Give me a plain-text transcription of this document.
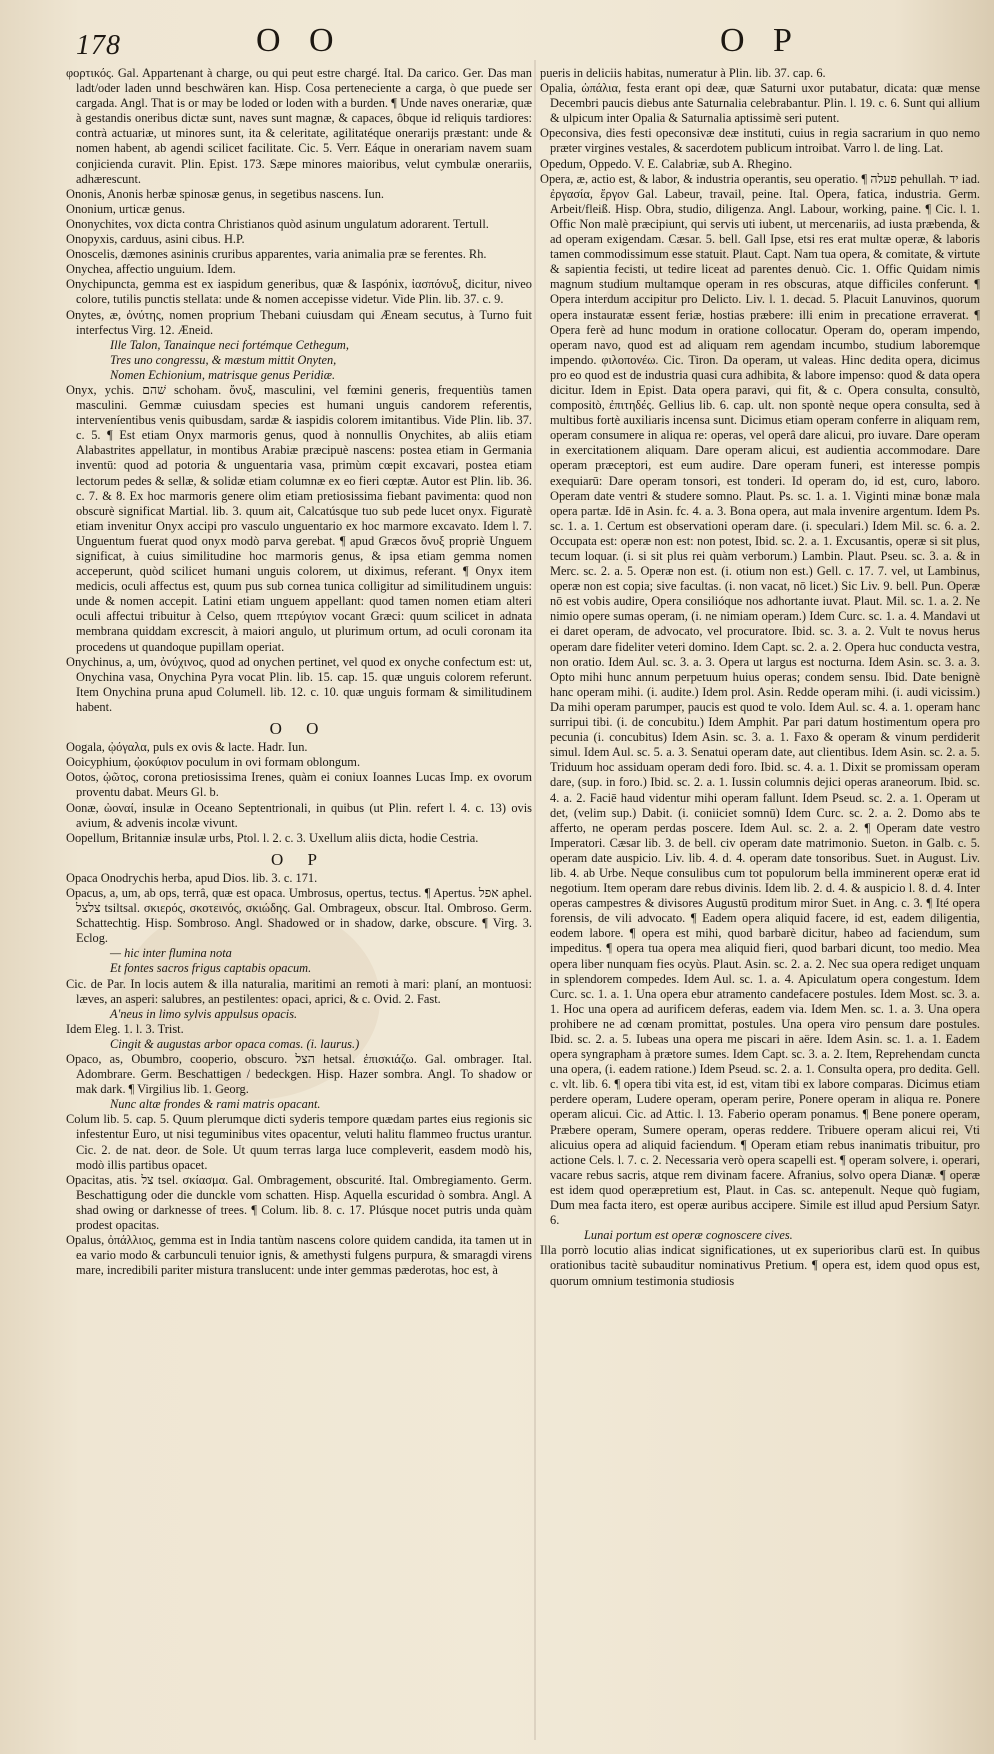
178	O O	O P

φορτικός. Gal. Appartenant à charge, ou qui peut estre chargé. Ital. Da carico. Ger. Das man ladt/oder laden unnd beschwären kan. Hisp. Cosa perteneciente a carga, ò que puede ser cargada. Angl. That is or may be loded or loden with a burden. ¶ Unde naves onerariæ, quæ à gestandis oneribus dictæ sunt, naves sunt magnæ, & capaces, ôbque id reliquis tardiores: contrà actuariæ, ut minores sunt, ita & celeritate, agilitatéque onerarijs præstant: unde & nomen habent, ab agendi scilicet facilitate. Cic. 5. Verr. Eáque in onerariam navem suam conjicienda curavit. Plin. Epist. 173. Sæpe minores maioribus, velut cymbulæ onerariis, adhærescunt.

Ononis, Anonis herbæ spinosæ genus, in segetibus nascens. Iun.

Ononium, urticæ genus.

Ononychites, vox dicta contra Christianos quòd asinum ungulatum adorarent. Tertull.

Onopyxis, carduus, asini cibus. H.P.

Onoscelis, dæmones asininis cruribus apparentes, varia animalia præ se ferentes. Rh.

Onychea, affectio unguium. Idem.

Onychipuncta, gemma est ex iaspidum generibus, quæ & Iaspónix, ἰασπόνυξ, dicitur, niveo colore, tutilis punctis stellata: unde & nomen accepisse videtur. Vide Plin. lib. 37. c. 9.

Onytes, æ, ὀνύτης, nomen proprium Thebani cuiusdam qui Æneam secutus, à Turno fuit interfectus Virg. 12. Æneid.

Ille Talon, Tanainque neci fortémque Cethegum,

Tres uno congressu, & mæstum mittit Onyten,

Nomen Echionium, matrisque genus Peridiæ.

Onyx, ychis. שׁהם schoham. ὄνυξ, masculini, vel fœmini generis, frequentiùs tamen masculini. Gemmæ cuiusdam species est humani unguis candorem referentis, interveníentibus venis quibusdam, sardæ & iaspidis colorem imitantibus. Vide Plin. lib. 37. c. 5. ¶ Est etiam Onyx marmoris genus, quod à nonnullis Onychites, ab aliis etiam Alabastrites appellatur, in montibus Arabiæ præcipuè nascens: postea etiam in Germania inventū: quod ad potoria & unguentaria vasa, primùm cœpit excavari, postea etiam lectorum pedes & sellæ, & solidæ etiam columnæ ex eo fieri cœptæ. Autor est Plin. lib. 36. c. 7. & 8. Ex hoc marmoris genere olim etiam pretiosissima fiebant pavimenta: quod non obscurè significat Martial. lib. 3. quum ait, Calcatúsque tuo sub pede lucet onyx. Figuratè etiam invenitur Onyx accipi pro vasculo unguentario ex hoc marmore excavato. Idem l. 7. Unguentum fuerat quod onyx modò parva gerebat. ¶ apud Græcos ὄνυξ propriè Unguem significat, à cuius similitudine hoc marmoris genus, & ipsa etiam gemma nomen acceperunt, quòd scilicet humani unguis colorem, ut diximus, referant. ¶ Onyx item medicis, oculi affectus est, quum pus sub cornea tunica colligitur ad similitudinem unguis: unde & nomen accepit. Latini etiam unguem appellant: quod tamen nomen etiam alteri oculi affectui tribuitur à Celso, quem πτερύγιον vocant Græci: quum scilicet in adnata membrana quiddam excrescit, à maiori angulo, ut plurimum ortum, ad oculi coronam ita procedens ut quandoque pupillam operiat.

Onychinus, a, um, ὀνύχινος, quod ad onychen pertinet, vel quod ex onyche confectum est: ut, Onychina vasa, Onychina Pyra vocat Plin. lib. 15. cap. 15. quæ unguis colorem referunt. Item Onychina pruna apud Columell. lib. 12. c. 10. quæ unguis formam & similitudinem habent.

O O

Oogala, ᾠόγαλα, puls ex ovis & lacte. Hadr. Iun.

Ooicyphium, ᾠοκύφιον poculum in ovi formam oblongum.

Ootos, ᾠῶτος, corona pretiosissima Irenes, quàm ei coniux Ioannes Lucas Imp. ex ovorum proventu dabat. Meurs Gl. b.

Oonæ, ὠοναί, insulæ in Oceano Septentrionali, in quibus (ut Plin. refert l. 4. c. 13) ovis avium, & advenis incolæ vivunt.

Oopellum, Britanniæ insulæ urbs, Ptol. l. 2. c. 3. Uxellum aliis dicta, hodie Cestria.

O P

Opaca Onodrychis herba, apud Dios. lib. 3. c. 171.

Opacus, a, um, ab ops, terrâ, quæ est opaca. Umbrosus, opertus, tectus. ¶ Apertus. אפל aphel. צלצל tsiltsal. σκιερός, σκοτεινός, σκιώδης. Gal. Ombrageux, obscur. Ital. Ombroso. Germ. Schattechtig. Hisp. Sombroso. Angl. Shadowed or in shadow, darke, obscure. ¶ Virg. 3. Eclog.

— hic inter flumina nota

Et fontes sacros frigus captabis opacum.

Cic. de Par. In locis autem & illa naturalia, maritimi an remoti à mari: planí, an montuosi: læves, an asperi: salubres, an pestilentes: opaci, aprici, & c. Ovid. 2. Fast.

A'neus in limo sylvis appulsus opacis.

Idem Eleg. 1. l. 3. Trist.

Cingit & augustas arbor opaca comas. (i. laurus.)

Opaco, as, Obumbro, cooperio, obscuro. הצל hetsal. ἐπισκιάζω. Gal. ombrager. Ital. Adombrare. Germ. Beschattigen / bedeckgen. Hisp. Hazer sombra. Angl. To shadow or mak dark. ¶ Virgilius lib. 1. Georg.

Nunc altæ frondes & rami matris opacant.

Colum lib. 5. cap. 5. Quum plerumque dicti syderis tempore quædam partes eius regionis sic infestentur Euro, ut nisi teguminibus vites opacentur, veluti halitu flammeo fructus urantur. Cic. 2. de nat. deor. de Sole. Ut quum terras larga luce compleverit, easdem modò his, modò illis partibus opacet.

Opacitas, atis. צל tsel. σκίασμα. Gal. Ombragement, obscurité. Ital. Ombregiamento. Germ. Beschattigung oder die dunckle vom schatten. Hisp. Aquella escuridad ò sombra. Angl. A shad owing or darknesse of trees. ¶ Colum. lib. 8. c. 17. Plúsque nocet putris unda quàm prodest opacitas.

Opalus, ὀπάλλιος, gemma est in India tantùm nascens colore quidem candida, ita tamen ut in ea vario modo & carbunculi tenuior ignis, & amethysti fulgens purpura, & smaragdi virens mare, incredibili pariter mistura translucent: unde inter gemmas pæderotas, hoc est, à

pueris in deliciis habitas, numeratur à Plin. lib. 37. cap. 6.

Opalia, ὠπάλια, festa erant opi deæ, quæ Saturni uxor putabatur, dicata: quæ mense Decembri paucis diebus ante Saturnalia celebrabantur. Plin. l. 19. c. 6. Sunt qui allium & ulpicum inter Opalia & Saturnalia aptissimè seri putent.

Opeconsiva, dies festi opeconsivæ deæ instituti, cuius in regia sacrarium in quo nemo præter virgines vestales, & sacerdotem publicum introibat. Varro l. de ling. Lat.

Opedum, Oppedo. V. E. Calabriæ, sub A. Rhegino.

Opera, æ, actio est, & labor, & industria operantis, seu operatio. ¶ פעלה pehullah. יד iad. ἐργασία, ἔργον Gal. Labeur, travail, peine. Ital. Opera, fatica, industria. Germ. Arbeit/fleiß. Hisp. Obra, studio, diligenza. Angl. Labour, working, paine. ¶ Cic. l. 1. Offic Non malè præcipiunt, qui servis uti iubent, ut mercenariis, ad iusta præbenda, & ad operam exigendam. Cæsar. 5. bell. Gall Ipse, etsi res erat multæ operæ, & laboris tamen commodissimum esse statuit. Plaut. Capt. Nam tua opera, & comitate, & virtute & sapientia fecisti, ut tedire liceat ad parentes denuò. Cic. 1. Offic Quidam nimis magnum studium multamque operam in res obscuras, atque difficiles conferunt. ¶ Opera interdum accipitur pro Delicto. Liv. l. 1. decad. 5. Placuit Lanuvinos, quorum opera instauratæ essent feriæ, hostias præbere: illi enim in precatione erraverat. ¶ Opera ferè ad hunc modum in oratione collocatur. Operam do, operam impendo, operam navo, quod est ad aliquam rem agendam incumbo, studium laboremque impendo. φιλοπονέω. Cic. Tiron. Da operam, ut valeas. Hinc dedita opera, dicimus pro eo quod est de industria quasi cura adhibita, & labore impenso: quod & data opera dicitur. Idem in Epist. Data opera paravi, qui fit, & c. Opera consulta, consultò, compositò, ἐπιτηδές. Gellius lib. 6. cap. ult. non spontè neque opera consulta, sed à multibus fortè auxiliaris incensa sunt. Dicimus etiam operam conferre in aliquam rem, operam consumere in aliqua re: operas, vel operâ dare alicui, pro iuvare. Dare operam in exercitationem aliquam. Dare operam alicui, est audientia accommodare. Dare operam præceptori, est eum audire. Dare operam funeri, est interesse pompis exequiarū: Dare operam tonsori, est tonderi. Id operam do, id est, curo, laboro. Operam date ventri & studere somno. Plaut. Ps. sc. 1. a. 1. Viginti minæ bonæ mala opera partæ. Idē in Asin. fc. 4. a. 3. Bona opera, aut mala invenire argentum. Idem Ps. sc. 1. a. 1. Certum est observationi operam dare. (i. speculari.) Idem Mil. sc. 6. a. 2. Occupata est: operæ non est: non potest, Ibid. sc. 2. a. 1. Excusantis, operæ si sit plus, tecum loquar. (i. si sit plus rei quàm verborum.) Lambin. Plaut. Pseu. sc. 3. a. & in Merc. sc. 2. a. 5. Operæ non est. (i. otium non est.) Gell. c. 17. 7. vel, ut Lambinus, operæ non est copia; sive facultas. (i. non vacat, nō licet.) Sic Liv. 9. bell. Pun. Operæ nō est vobis audire, Opera consilióque nos adhortante iuvat. Plaut. Mil. sc. 1. a. 2. Ne nimio opere sumas operam, (i. ne nimiam operam.) Idem Curc. sc. 1. a. 4. Mandavi ut ei daret operam, de advocato, vel procuratore. Ibid. sc. 3. a. 2. Vult te novus herus operam dare fideliter veteri domino. Idem Capt. sc. 2. a. 2. Opera huc conducta vestra, non oratio. Idem Aul. sc. 3. a. 3. Opera ut largus est nocturna. Idem Asin. sc. 3. a. 3. Opto mihi hunc annum perpetuum huius operas; condem sensu. Ibid. Date benignè hanc operam mihi. (i. audite.) Idem prol. Asin. Redde operam mihi. (i. audi vicissim.) Da mihi operam parumper, paucis est quod te volo. Idem Aul. sc. 4. a. 1. operam hanc surripui tibi. (i. de concubitu.) Idem Amphit. Par pari datum hostimentum opera pro pecunia (i. concubitus) Idem Asin. sc. 3. a. 1. Faxo & operam & vinum perdiderit simul. Idem Aul. sc. 5. a. 3. Senatui operam date, aut clientibus. Idem Asin. sc. 2. a. 5. Triduum hoc assiduam operam dedi foro. Ibid. sc. 4. a. 1. Dixit se promissam operam dare, (sup. in foro.) Ibid. sc. 2. a. 1. Iussin columnis dejici operas araneorum. Ibid. sc. 4. a. 2. Faciē haud videntur mihi operam fallunt. Idem Pseud. sc. 2. a. 1. Operam ut det, (velim sup.) Dabit. (i. coniiciet somnū) Idem Curc. sc. 2. a. 2. Domo abs te afferto, ne operam perdas poscere. Idem Aul. sc. 2. a. 2. ¶ Operam date vestro Imperatori. Cæsar lib. 3. de bell. civ operam date matrimonio. Sueton. in Galb. c. 5. operam date auspicio. Liv. lib. 4. d. 4. operam date tonsoribus. Suet. in August. Liv. lib. 4. ab Urbe. Neque consulibus cum tot populorum bella imminerent operæ erat id negotium. Item operam dare rebus divinis. Idem lib. 2. d. 4. & auspicio l. 8. d. 4. Inter operas campestres & divisores Augustū proditum miror Suet. in Ang. c. 3. ¶ Ité opera forensis, de vili advocato. ¶ Eadem opera aliquid facere, id est, eadem diligentia, eodem labore. ¶ opera est mihi, quod barbarè dicitur, habeo ad faciendum, sum impeditus. ¶ opera tua opera mea aliquid fieri, quod barbari dicunt, too medio. Mea opera liber nunquam fies ocyùs. Plaut. Asin. sc. 2. a. 2. Nec sua opera rediget unquam in splendorem compedes. Idem Aul. sc. 1. a. 4. Apiculatum opera congestum. Idem Curc. sc. 1. a. 1. Una opera ebur atramento candefacere postules. Idem Most. sc. 3. a. 1. Hoc una opera ad aurificem deferas, eadem via. Idem Men. sc. 1. a. 3. Una opera prohibere ne ad cœnam promittat, postules. Una opera viro pensum dare postules. Ibid. sc. 2. a. 5. Iubeas una opera me piscari in aëre. Idem Asin. sc. 1. a. 1. Eadem opera syngrapham à prætore sumes. Idem Capt. sc. 3. a. 2. Item, Reprehendam cuncta una opera, (i. eadem ratione.) Idem Pseud. sc. 2. a. 1. Consulta opera, pro dedita. Gell. c. vlt. lib. 6. ¶ opera tibi vita est, id est, vitam tibi ex labore comparas. Dicimus etiam perdere operam, Ludere operam, operam perire, Ponere operam in aliqua re. Ponere operam alicui. Cic. ad Attic. l. 13. Faberio operam ponamus. ¶ Bene ponere operam, Præbere operam, Sumere operam, operas reddere. Tribuere operam alicui rei, Vti alicuius opera ad aliquid faciendum. ¶ Operam etiam rebus inanimatis tribuitur, pro actione Cels. l. 7. c. 2. Necessaria verò opera scapelli est. ¶ operam solvere, i. operari, vacare rebus sacris, atque rem divinam facere. Afranius, solvo opera Dianæ. ¶ operæ est idem quod operæpretium est, Plaut. in Cas. sc. antepenult. Neque quò fugiam, Dum mea facta itero, est operæ auribus accipere. Simile est illud apud Persium Satyr. 6.

Lunai portum est operæ cognoscere cives.

Illa porrò locutio alias indicat significationes, ut ex superioribus clarū est. In quibus orationibus tacitè subauditur nominativus Pretium. ¶ opera est, idem quod opus est, quorum omnium testimonia studiosis
